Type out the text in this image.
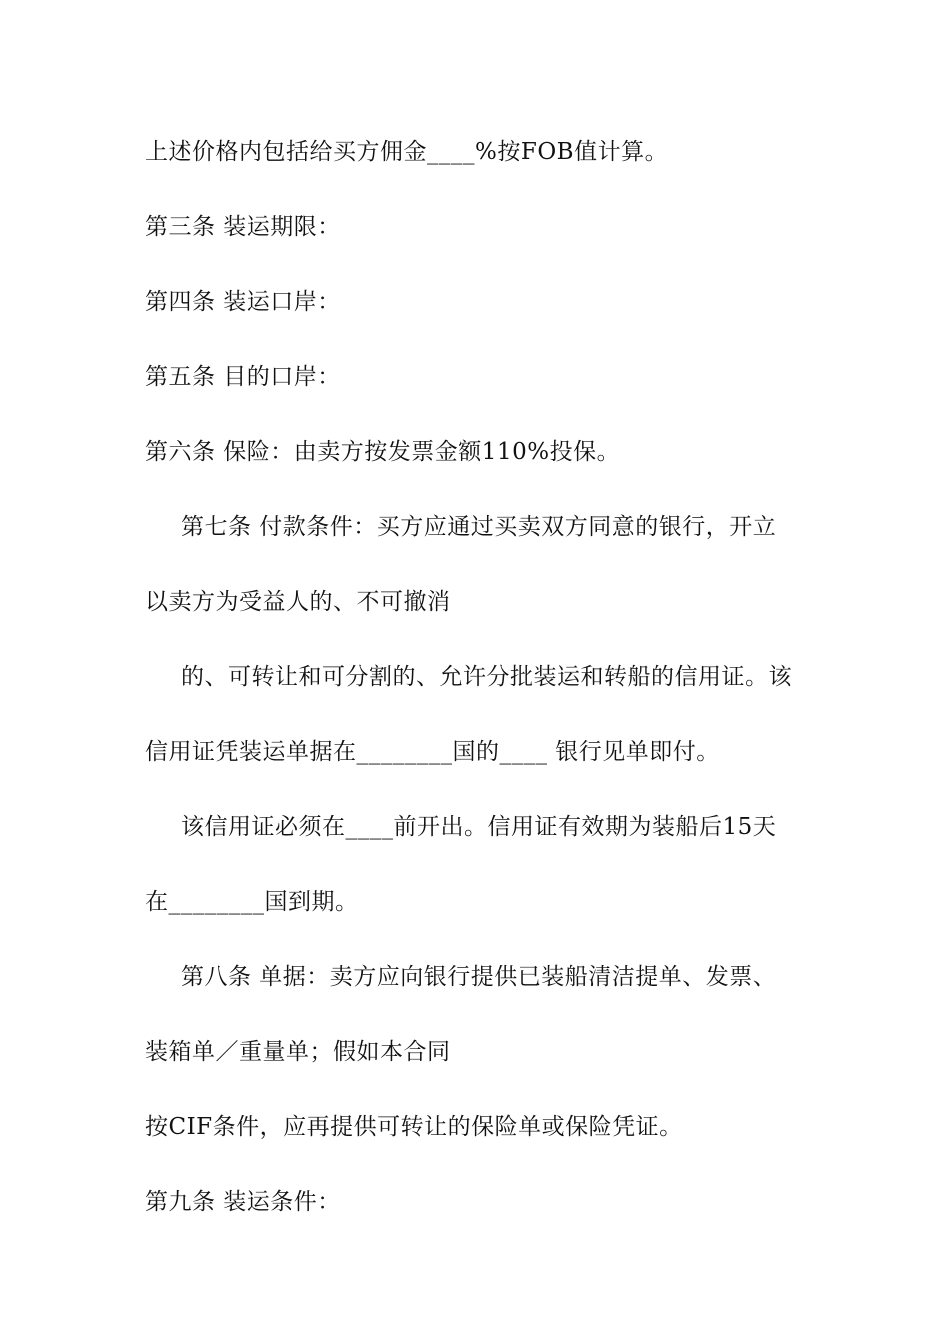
上述价格内包括给买方佣金____%按FOB值计算。
第三条 装运期限：
第四条 装运口岸：
第五条 目的口岸：
第六条 保险：由卖方按发票金额110%投保。
第七条 付款条件：买方应通过买卖双方同意的银行，开立
以卖方为受益人的、不可撤消
的、可转让和可分割的、允许分批装运和转船的信用证。该
信用证凭装运单据在________国的____ 银行见单即付。
该信用证必须在____前开出。信用证有效期为装船后15天
在________国到期。
第八条 单据：卖方应向银行提供已装船清洁提单、发票、
装箱单／重量单；假如本合同
按CIF条件，应再提供可转让的保险单或保险凭证。
第九条 装运条件：
